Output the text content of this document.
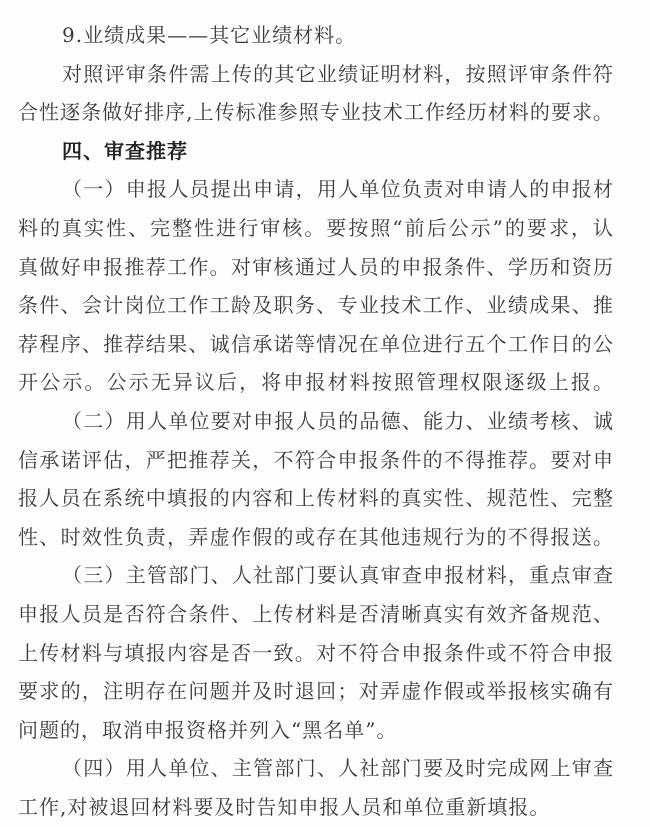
9.业绩成果——其它业绩材料。
对照评审条件需上传的其它业绩证明材料，按照评审条件符
合性逐条做好排序,上传标准参照专业技术工作经历材料的要求。
四、审查推荐
（一）申报人员提出申请，用人单位负责对申请人的申报材
料的真实性、完整性进行审核。要按照“前后公示”的要求，认
真做好申报推荐工作。对审核通过人员的申报条件、学历和资历
条件、会计岗位工作工龄及职务、专业技术工作、业绩成果、推
荐程序、推荐结果、诚信承诺等情况在单位进行五个工作日的公
开公示。公示无异议后，将申报材料按照管理权限逐级上报。
（二）用人单位要对申报人员的品德、能力、业绩考核、诚
信承诺评估，严把推荐关，不符合申报条件的不得推荐。要对申
报人员在系统中填报的内容和上传材料的真实性、规范性、完整
性、时效性负责，弄虚作假的或存在其他违规行为的不得报送。
（三）主管部门、人社部门要认真审查申报材料，重点审查
申报人员是否符合条件、上传材料是否清晰真实有效齐备规范、
上传材料与填报内容是否一致。对不符合申报条件或不符合申报
要求的，注明存在问题并及时退回；对弄虚作假或举报核实确有
问题的，取消申报资格并列入“黑名单”。
（四）用人单位、主管部门、人社部门要及时完成网上审查
工作,对被退回材料要及时告知申报人员和单位重新填报。
